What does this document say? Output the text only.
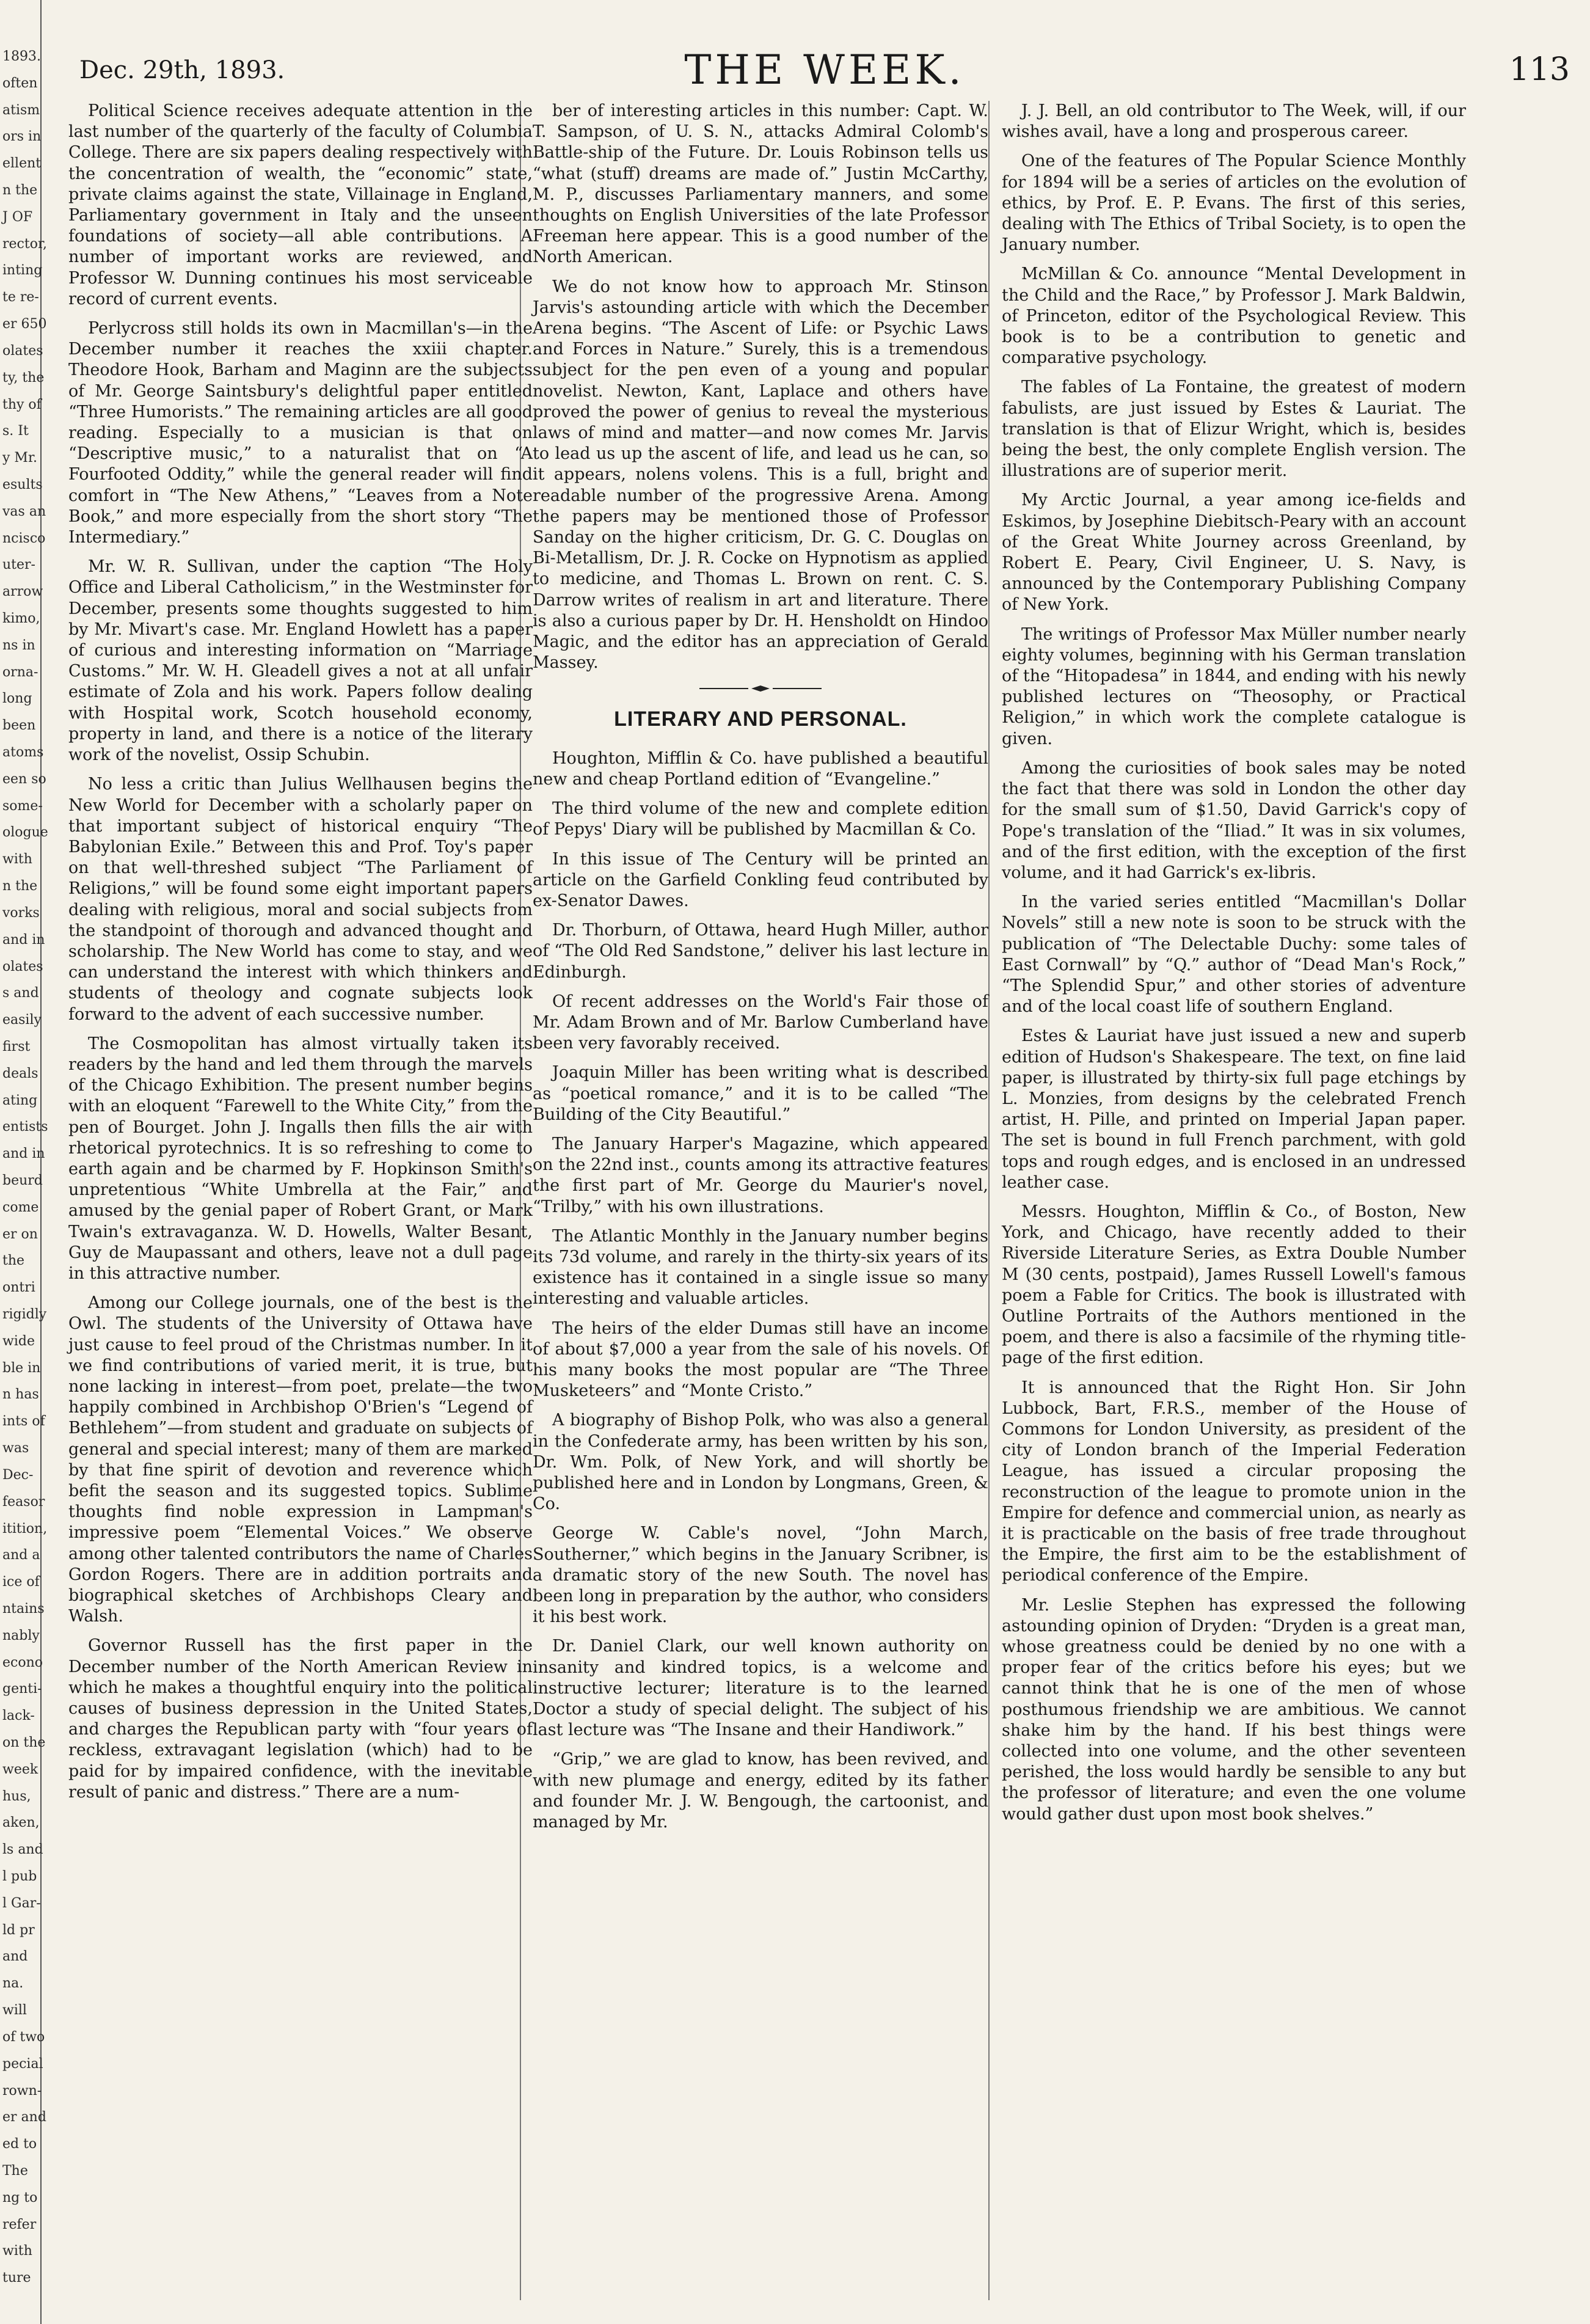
1893.
often
atism
ors in
ellent
n the
J OF
rector,
inting
te re-
er 650
olates
ty, the
thy of
s. It
y Mr.
esults
vas an
ncisco
uter-
arrow
kimo,
ns in
orna-
long
been
atoms
een so
some-
ologue
with
n the
vorks
and in
olates
s and
easily
first
deals
ating
entists
and in
beurd
come
er on
the
ontri
rigidly
wide
ble in
n has
ints of
was
Dec-
feasor
itition,
and a
ice of
ntains
nably
econo
genti-
lack-
on the
week
hus,
aken,
ls and
l pub
l Gar-
ld pr
and
na.
will
of two
pecial
rown-
er and
ed to
The
ng to
refer
with
ture
Dec. 29th, 1893.	THE WEEK.	113

Political Science receives adequate attention in the last number of the quarterly of the faculty of Columbia College. There are six papers dealing respectively with the concentration of wealth, the “economic” state, private claims against the state, Villainage in England, Parliamentary government in Italy and the unseen foundations of society—all able contributions. A number of important works are reviewed, and Professor W. Dunning continues his most serviceable record of current events.

Perlycross still holds its own in Macmillan's—in the December number it reaches the xxiii chapter. Theodore Hook, Barham and Maginn are the subjects of Mr. George Saintsbury's delightful paper entitled “Three Humorists.” The remaining articles are all good reading. Especially to a musician is that on “Descriptive music,” to a naturalist that on “A Fourfooted Oddity,” while the general reader will find comfort in “The New Athens,” “Leaves from a Note Book,” and more especially from the short story “The Intermediary.”

Mr. W. R. Sullivan, under the caption “The Holy Office and Liberal Catholicism,” in the Westminster for December, presents some thoughts suggested to him by Mr. Mivart's case. Mr. England Howlett has a paper of curious and interesting information on “Marriage Customs.” Mr. W. H. Gleadell gives a not at all unfair estimate of Zola and his work. Papers follow dealing with Hospital work, Scotch household economy, property in land, and there is a notice of the literary work of the novelist, Ossip Schubin.

No less a critic than Julius Wellhausen begins the New World for December with a scholarly paper on that important subject of historical enquiry “The Babylonian Exile.” Between this and Prof. Toy's paper on that well-threshed subject “The Parliament of Religions,” will be found some eight important papers dealing with religious, moral and social subjects from the standpoint of thorough and advanced thought and scholarship. The New World has come to stay, and we can understand the interest with which thinkers and students of theology and cognate subjects look forward to the advent of each successive number.

The Cosmopolitan has almost virtually taken its readers by the hand and led them through the marvels of the Chicago Exhibition. The present number begins with an eloquent “Farewell to the White City,” from the pen of Bourget. John J. Ingalls then fills the air with rhetorical pyrotechnics. It is so refreshing to come to earth again and be charmed by F. Hopkinson Smith's unpretentious “White Umbrella at the Fair,” and amused by the genial paper of Robert Grant, or Mark Twain's extravaganza. W. D. Howells, Walter Besant, Guy de Maupassant and others, leave not a dull page in this attractive number.

Among our College journals, one of the best is the Owl. The students of the University of Ottawa have just cause to feel proud of the Christmas number. In it we find contributions of varied merit, it is true, but none lacking in interest—from poet, prelate—the two happily combined in Archbishop O'Brien's “Legend of Bethlehem”—from student and graduate on subjects of general and special interest; many of them are marked by that fine spirit of devotion and reverence which befit the season and its suggested topics. Sublime thoughts find noble expression in Lampman's impressive poem “Elemental Voices.” We observe among other talented contributors the name of Charles Gordon Rogers. There are in addition portraits and biographical sketches of Archbishops Cleary and Walsh.

Governor Russell has the first paper in the December number of the North American Review in which he makes a thoughtful enquiry into the political causes of business depression in the United States, and charges the Republican party with “four years of reckless, extravagant legislation (which) had to be paid for by impaired confidence, with the inevitable result of panic and distress.” There are a num-

ber of interesting articles in this number: Capt. W. T. Sampson, of U. S. N., attacks Admiral Colomb's Battle-ship of the Future. Dr. Louis Robinson tells us “what (stuff) dreams are made of.” Justin McCarthy, M. P., discusses Parliamentary manners, and some thoughts on English Universities of the late Professor Freeman here appear. This is a good number of the North American.

We do not know how to approach Mr. Stinson Jarvis's astounding article with which the December Arena begins. “The Ascent of Life: or Psychic Laws and Forces in Nature.” Surely, this is a tremendous subject for the pen even of a young and popular novelist. Newton, Kant, Laplace and others have proved the power of genius to reveal the mysterious laws of mind and matter—and now comes Mr. Jarvis to lead us up the ascent of life, and lead us he can, so it appears, nolens volens. This is a full, bright and readable number of the progressive Arena. Among the papers may be mentioned those of Professor Sanday on the higher criticism, Dr. G. C. Douglas on Bi-Metallism, Dr. J. R. Cocke on Hypnotism as applied to medicine, and Thomas L. Brown on rent. C. S. Darrow writes of realism in art and literature. There is also a curious paper by Dr. H. Hensholdt on Hindoo Magic, and the editor has an appreciation of Gerald Massey.

LITERARY AND PERSONAL.

Houghton, Mifflin & Co. have published a beautiful new and cheap Portland edition of “Evangeline.”

The third volume of the new and complete edition of Pepys' Diary will be published by Macmillan & Co.

In this issue of The Century will be printed an article on the Garfield Conkling feud contributed by ex-Senator Dawes.

Dr. Thorburn, of Ottawa, heard Hugh Miller, author of “The Old Red Sandstone,” deliver his last lecture in Edinburgh.

Of recent addresses on the World's Fair those of Mr. Adam Brown and of Mr. Barlow Cumberland have been very favorably received.

Joaquin Miller has been writing what is described as “poetical romance,” and it is to be called “The Building of the City Beautiful.”

The January Harper's Magazine, which appeared on the 22nd inst., counts among its attractive features the first part of Mr. George du Maurier's novel, “Trilby,” with his own illustrations.

The Atlantic Monthly in the January number begins its 73d volume, and rarely in the thirty-six years of its existence has it contained in a single issue so many interesting and valuable articles.

The heirs of the elder Dumas still have an income of about $7,000 a year from the sale of his novels. Of his many books the most popular are “The Three Musketeers” and “Monte Cristo.”

A biography of Bishop Polk, who was also a general in the Confederate army, has been written by his son, Dr. Wm. Polk, of New York, and will shortly be published here and in London by Longmans, Green, & Co.

George W. Cable's novel, “John March, Southerner,” which begins in the January Scribner, is a dramatic story of the new South. The novel has been long in preparation by the author, who considers it his best work.

Dr. Daniel Clark, our well known authority on insanity and kindred topics, is a welcome and instructive lecturer; literature is to the learned Doctor a study of special delight. The subject of his last lecture was “The Insane and their Handiwork.”

“Grip,” we are glad to know, has been revived, and with new plumage and energy, edited by its father and founder Mr. J. W. Bengough, the cartoonist, and managed by Mr.

J. J. Bell, an old contributor to The Week, will, if our wishes avail, have a long and prosperous career.

One of the features of The Popular Science Monthly for 1894 will be a series of articles on the evolution of ethics, by Prof. E. P. Evans. The first of this series, dealing with The Ethics of Tribal Society, is to open the January number.

McMillan & Co. announce “Mental Development in the Child and the Race,” by Professor J. Mark Baldwin, of Princeton, editor of the Psychological Review. This book is to be a contribution to genetic and comparative psychology.

The fables of La Fontaine, the greatest of modern fabulists, are just issued by Estes & Lauriat. The translation is that of Elizur Wright, which is, besides being the best, the only complete English version. The illustrations are of superior merit.

My Arctic Journal, a year among ice-fields and Eskimos, by Josephine Diebitsch-Peary with an account of the Great White Journey across Greenland, by Robert E. Peary, Civil Engineer, U. S. Navy, is announced by the Contemporary Publishing Company of New York.

The writings of Professor Max Müller number nearly eighty volumes, beginning with his German translation of the “Hitopadesa” in 1844, and ending with his newly published lectures on “Theosophy, or Practical Religion,” in which work the complete catalogue is given.

Among the curiosities of book sales may be noted the fact that there was sold in London the other day for the small sum of $1.50, David Garrick's copy of Pope's translation of the “Iliad.” It was in six volumes, and of the first edition, with the exception of the first volume, and it had Garrick's ex-libris.

In the varied series entitled “Macmillan's Dollar Novels” still a new note is soon to be struck with the publication of “The Delectable Duchy: some tales of East Cornwall” by “Q.” author of “Dead Man's Rock,” “The Splendid Spur,” and other stories of adventure and of the local coast life of southern England.

Estes & Lauriat have just issued a new and superb edition of Hudson's Shakespeare. The text, on fine laid paper, is illustrated by thirty-six full page etchings by L. Monzies, from designs by the celebrated French artist, H. Pille, and printed on Imperial Japan paper. The set is bound in full French parchment, with gold tops and rough edges, and is enclosed in an undressed leather case.

Messrs. Houghton, Mifflin & Co., of Boston, New York, and Chicago, have recently added to their Riverside Literature Series, as Extra Double Number M (30 cents, postpaid), James Russell Lowell's famous poem a Fable for Critics. The book is illustrated with Outline Portraits of the Authors mentioned in the poem, and there is also a facsimile of the rhyming title-page of the first edition.

It is announced that the Right Hon. Sir John Lubbock, Bart, F.R.S., member of the House of Commons for London University, as president of the city of London branch of the Imperial Federation League, has issued a circular proposing the reconstruction of the league to promote union in the Empire for defence and commercial union, as nearly as it is practicable on the basis of free trade throughout the Empire, the first aim to be the establishment of periodical conference of the Empire.

Mr. Leslie Stephen has expressed the following astounding opinion of Dryden: “Dryden is a great man, whose greatness could be denied by no one with a proper fear of the critics before his eyes; but we cannot think that he is one of the men of whose posthumous friendship we are ambitious. We cannot shake him by the hand. If his best things were collected into one volume, and the other seventeen perished, the loss would hardly be sensible to any but the professor of literature; and even the one volume would gather dust upon most book shelves.”
